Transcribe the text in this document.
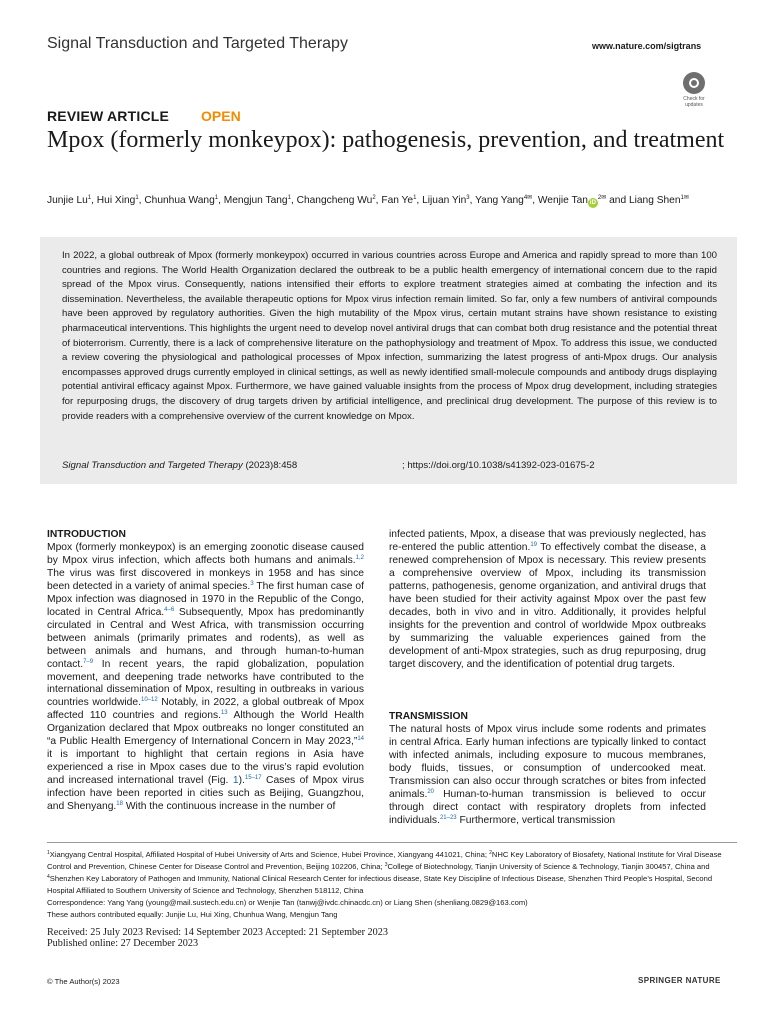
Signal Transduction and Targeted Therapy	www.nature.com/sigtrans
Check for
updates
REVIEW ARTICLE OPEN
Mpox (formerly monkeypox): pathogenesis, prevention, and treatment
Junjie Lu$^1$, Hui Xing$^1$, Chunhua Wang$^1$, Mengjun Tang$^1$, Changcheng Wu$^2$, Fan Ye$^1$, Lijuan Yin$^3$, Yang Yang$^{4✉}$, Wenjie Tan $iD^{2✉}$ and Liang Shen$^{1✉}$
In 2022, a global outbreak of Mpox (formerly monkeypox) occurred in various countries across Europe and America and rapidly spread to more than 100 countries and regions. The World Health Organization declared the outbreak to be a public health emergency of international concern due to the rapid spread of the Mpox virus. Consequently, nations intensified their efforts to explore treatment strategies aimed at combating the infection and its dissemination. Nevertheless, the available therapeutic options for Mpox virus infection remain limited. So far, only a few numbers of antiviral compounds have been approved by regulatory authorities. Given the high mutability of the Mpox virus, certain mutant strains have shown resistance to existing pharmaceutical interventions. This highlights the urgent need to develop novel antiviral drugs that can combat both drug resistance and the potential threat of bioterrorism. Currently, there is a lack of comprehensive literature on the pathophysiology and treatment of Mpox. To address this issue, we conducted a review covering the physiological and pathological processes of Mpox infection, summarizing the latest progress of anti-Mpox drugs. Our analysis encompasses approved drugs currently employed in clinical settings, as well as newly identified small-molecule compounds and antibody drugs displaying potential antiviral efficacy against Mpox. Furthermore, we have gained valuable insights from the process of Mpox drug development, including strategies for repurposing drugs, the discovery of drug targets driven by artificial intelligence, and preclinical drug development. The purpose of this review is to provide readers with a comprehensive overview of the current knowledge on Mpox.
Signal Transduction and Targeted Therapy (2023)8:458	; https://doi.org/10.1038/s41392-023-01675-2
INTRODUCTION
Mpox (formerly monkeypox) is an emerging zoonotic disease caused by Mpox virus infection, which affects both humans and animals.$^{1,2}$ The virus was first discovered in monkeys in 1958 and has since been detected in a variety of animal species.$^3$ The first human case of Mpox infection was diagnosed in 1970 in the Republic of the Congo, located in Central Africa.$^{4-6}$ Subsequently, Mpox has predominantly circulated in Central and West Africa, with transmission occurring between animals (primarily primates and rodents), as well as between animals and humans, and through human-to-human contact.$^{7-9}$ In recent years, the rapid globalization, population movement, and deepening trade networks have contributed to the international dissemination of Mpox, resulting in outbreaks in various countries worldwide.$^{10-12}$ Notably, in 2022, a global outbreak of Mpox affected 110 countries and regions.$^{13}$ Although the World Health Organization declared that Mpox outbreaks no longer constituted an “a Public Health Emergency of International Concern in May 2023,”$^{14}$ it is important to highlight that certain regions in Asia have experienced a rise in Mpox cases due to the virus’s rapid evolution and increased international travel (Fig. 1).$^{15-17}$ Cases of Mpox virus infection have been reported in cities such as Beijing, Guangzhou, and Shenyang.$^{18}$ With the continuous increase in the number of
infected patients, Mpox, a disease that was previously neglected, has re-entered the public attention.$^{19}$ To effectively combat the disease, a renewed comprehension of Mpox is necessary. This review presents a comprehensive overview of Mpox, including its transmission patterns, pathogenesis, genome organization, and antiviral drugs that have been studied for their activity against Mpox over the past few decades, both in vivo and in vitro. Additionally, it provides helpful insights for the prevention and control of worldwide Mpox outbreaks by summarizing the valuable experiences gained from the development of anti-Mpox strategies, such as drug repurposing, drug target discovery, and the identification of potential drug targets.
TRANSMISSION
The natural hosts of Mpox virus include some rodents and primates in central Africa. Early human infections are typically linked to contact with infected animals, including exposure to mucous membranes, body fluids, tissues, or consumption of undercooked meat. Transmission can also occur through scratches or bites from infected animals.$^{20}$ Human-to-human transmission is believed to occur through direct contact with respiratory droplets from infected individuals.$^{21-23}$ Furthermore, vertical transmission
$^1$Xiangyang Central Hospital, Affiliated Hospital of Hubei University of Arts and Science, Hubei Province, Xiangyang 441021, China; $^2$NHC Key Laboratory of Biosafety, National Institute for Viral Disease Control and Prevention, Chinese Center for Disease Control and Prevention, Beijing 102206, China; $^3$College of Biotechnology, Tianjin University of Science & Technology, Tianjin 300457, China and $^4$Shenzhen Key Laboratory of Pathogen and Immunity, National Clinical Research Center for infectious disease, State Key Discipline of Infectious Disease, Shenzhen Third People’s Hospital, Second Hospital Affiliated to Southern University of Science and Technology, Shenzhen 518112, China
Correspondence: Yang Yang (young@mail.sustech.edu.cn) or Wenjie Tan (tanwj@ivdc.chinacdc.cn) or Liang Shen (shenliang.0829@163.com)
These authors contributed equally: Junjie Lu, Hui Xing, Chunhua Wang, Mengjun Tang
Received: 25 July 2023 Revised: 14 September 2023 Accepted: 21 September 2023
Published online: 27 December 2023
© The Author(s) 2023	SPRINGER NATURE
